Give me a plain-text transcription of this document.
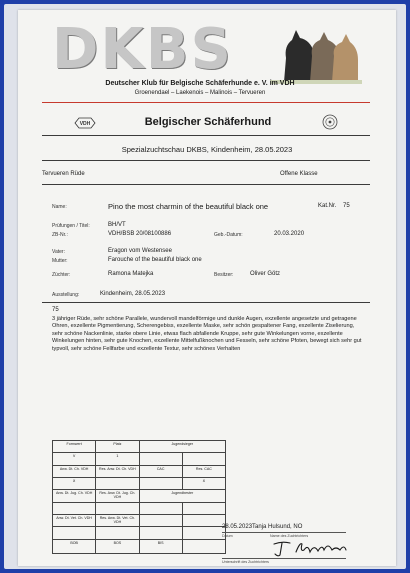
DKBS
Deutscher Klub für Belgische Schäferhunde e. V. im VDH
Groenendael – Laekenois – Malinois – Tervueren
VDH	Belgischer Schäferhund
Spezialzuchtschau DKBS, Kindenheim, 28.05.2023
Tervueren Rüde	Offene Klasse
Name:	Pino the most charmin of the beautiful black one	Kat.Nr. 75
Prüfungen / Titel:	BH/VT
ZB-Nr.:	VDH/BSB 20/08100886	Geb.-Datum:	20.03.2020
Vater:	Eragon vom Westensee
Mutter:	Farouche of the beautiful black one
Züchter:	Ramona Matejka	Besitzer:	Oliver Götz
Ausstellung:	Kindenheim, 28.05.2023
75
3 jähriger Rüde, sehr schöne Parallele, wundervoll mandelförmige und dunkle Augen, exzellente angesetzte und getragene Ohren, exzellente Pigmentierung, Scherengebiss, exzellente Maske, sehr schön gespaltener Fang, exzellente Ziselierung, sehr schöne Nackenlinie, starke obere Linie, etwas flach abfallende Kruppe, sehr gute Winkelungen vorne, exzellente Winkelungen hinten, sehr gute Knochen, exzellente Mittelfußknochen und Fesseln, sehr schöne Pfoten, bewegt sich sehr gut typvoll, sehr schöne Fellfarbe und exzellente Textur, sehr schönes Verhalten
Formwert	Platz	Jugendsieger	
V	1		
Anw. Dt. Ch. VDH	Res. Anw. Dt. Ch. VDH	CAC	Res. CAC
X			X
Anw. Dt. Jug. Ch. VDH	Res. Anw. Dt. Jug. Ch. VDH	Jugendbester	

Anw. Dt. Vet. Ch. VDH	Res. Anw. Dt. Vet. Ch. VDH		

BOB	BOS	BIS	
28.05.2023Tanja Hulsund, NO
Datum	Name des Zuchtrichters
Unterschrift des Zuchtrichters
